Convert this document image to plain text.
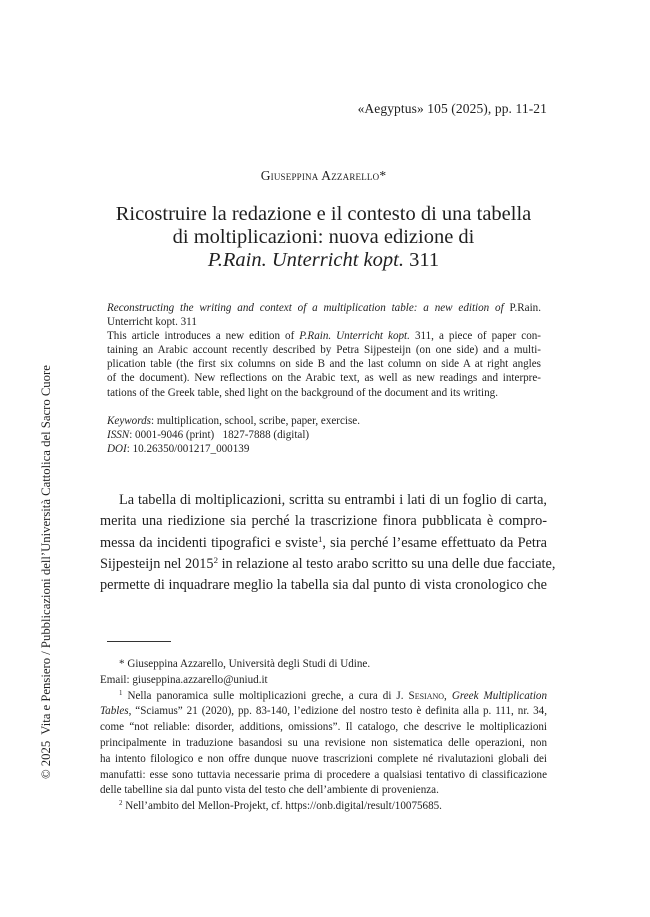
«Aegyptus» 105 (2025), pp. 11-21
Giuseppina Azzarello*
Ricostruire la redazione e il contesto di una tabella
di moltiplicazioni: nuova edizione di
P.Rain. Unterricht kopt. 311
Reconstructing the writing and context of a multiplication table: a new edition of P.Rain.
Unterricht kopt. 311
This article introduces a new edition of P.Rain. Unterricht kopt. 311, a piece of paper con-
taining an Arabic account recently described by Petra Sijpesteijn (on one side) and a multi-
plication table (the first six columns on side B and the last column on side A at right angles
of the document). New reflections on the Arabic text, as well as new readings and interpre-
tations of the Greek table, shed light on the background of the document and its writing.
Keywords: multiplication, school, scribe, paper, exercise.
ISSN: 0001-9046 (print)   1827-7888 (digital)
DOI: 10.26350/001217_000139
La tabella di moltiplicazioni, scritta su entrambi i lati di un foglio di carta,
merita una riedizione sia perché la trascrizione finora pubblicata è compro-
messa da incidenti tipografici e sviste$^1$, sia perché l’esame effettuato da Petra
Sijpesteijn nel 2015$^2$ in relazione al testo arabo scritto su una delle due facciate,
permette di inquadrare meglio la tabella sia dal punto di vista cronologico che
* Giuseppina Azzarello, Università degli Studi di Udine.
Email: giuseppina.azzarello@uniud.it
$^1$ Nella panoramica sulle moltiplicazioni greche, a cura di J. Sesiano, Greek Multiplication
Tables, “Sciamus” 21 (2020), pp. 83-140, l’edizione del nostro testo è definita alla p. 111, nr. 34,
come “not reliable: disorder, additions, omissions”. Il catalogo, che descrive le moltiplicazioni
principalmente in traduzione basandosi su una revisione non sistematica delle operazioni, non
ha intento filologico e non offre dunque nuove trascrizioni complete né rivalutazioni globali dei
manufatti: esse sono tuttavia necessarie prima di procedere a qualsiasi tentativo di classificazione
delle tabelline sia dal punto vista del testo che dell’ambiente di provenienza.
$^2$ Nell’ambito del Mellon-Projekt, cf. https://onb.digital/result/10075685.
© 2025  Vita e Pensiero / Pubblicazioni dell’Università Cattolica del Sacro Cuore
